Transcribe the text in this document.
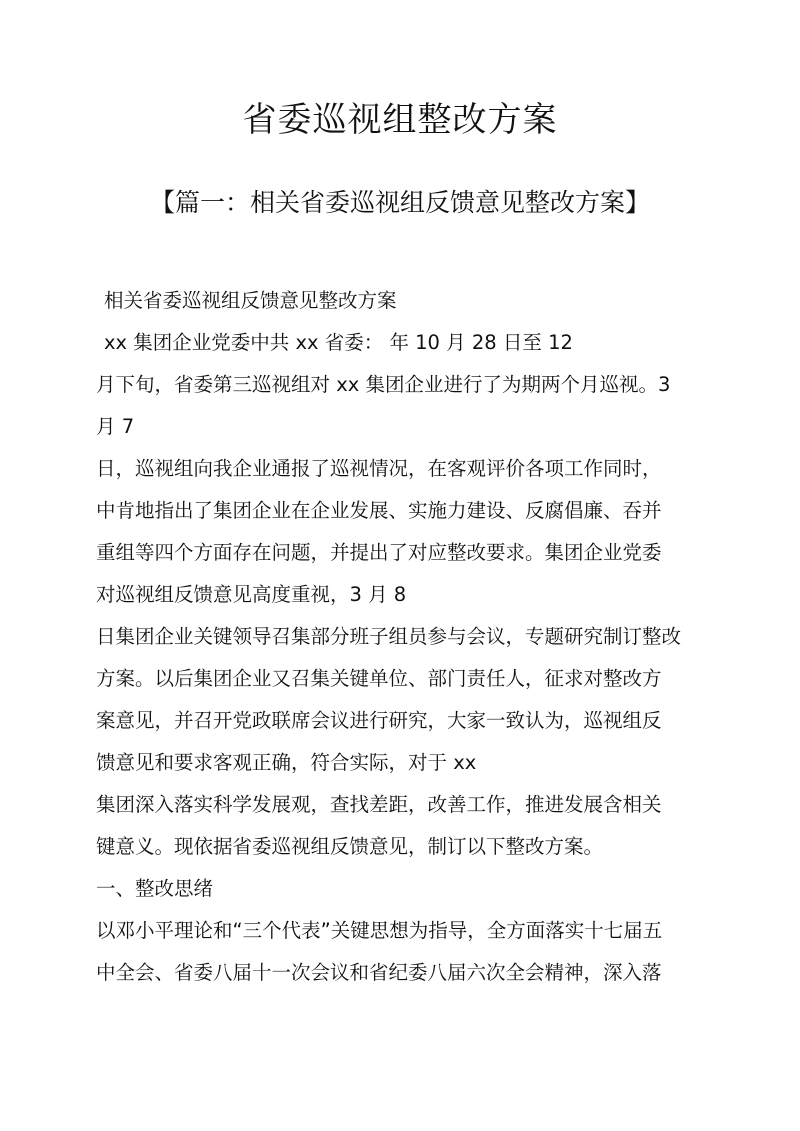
省委巡视组整改方案
【篇一：相关省委巡视组反馈意见整改方案】
相关省委巡视组反馈意见整改方案
xx 集团企业党委中共 xx 省委： 年 10 月 28 日至 12
月下旬，省委第三巡视组对 xx 集团企业进行了为期两个月巡视。3
月 7
日，巡视组向我企业通报了巡视情况，在客观评价各项工作同时，
中肯地指出了集团企业在企业发展、实施力建设、反腐倡廉、吞并
重组等四个方面存在问题，并提出了对应整改要求。集团企业党委
对巡视组反馈意见高度重视，3 月 8
日集团企业关键领导召集部分班子组员参与会议，专题研究制订整改
方案。以后集团企业又召集关键单位、部门责任人，征求对整改方
案意见，并召开党政联席会议进行研究，大家一致认为，巡视组反
馈意见和要求客观正确，符合实际，对于 xx
集团深入落实科学发展观，查找差距，改善工作，推进发展含相关
键意义。现依据省委巡视组反馈意见，制订以下整改方案。
一、整改思绪
以邓小平理论和“三个代表”关键思想为指导，全方面落实十七届五
中全会、省委八届十一次会议和省纪委八届六次全会精神，深入落
